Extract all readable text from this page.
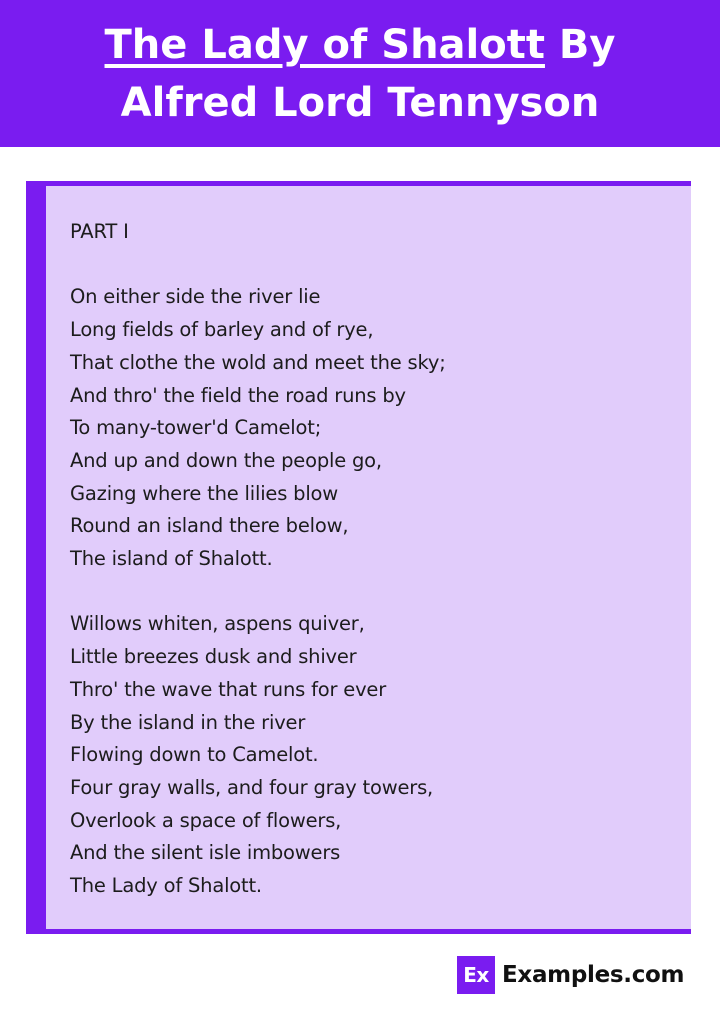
The Lady of Shalott By
Alfred Lord Tennyson
PART I
On either side the river lie
Long fields of barley and of rye,
That clothe the wold and meet the sky;
And thro' the field the road runs by
To many-tower'd Camelot;
And up and down the people go,
Gazing where the lilies blow
Round an island there below,
The island of Shalott.
Willows whiten, aspens quiver,
Little breezes dusk and shiver
Thro' the wave that runs for ever
By the island in the river
Flowing down to Camelot.
Four gray walls, and four gray towers,
Overlook a space of flowers,
And the silent isle imbowers
The Lady of Shalott.
Ex Examples.com
